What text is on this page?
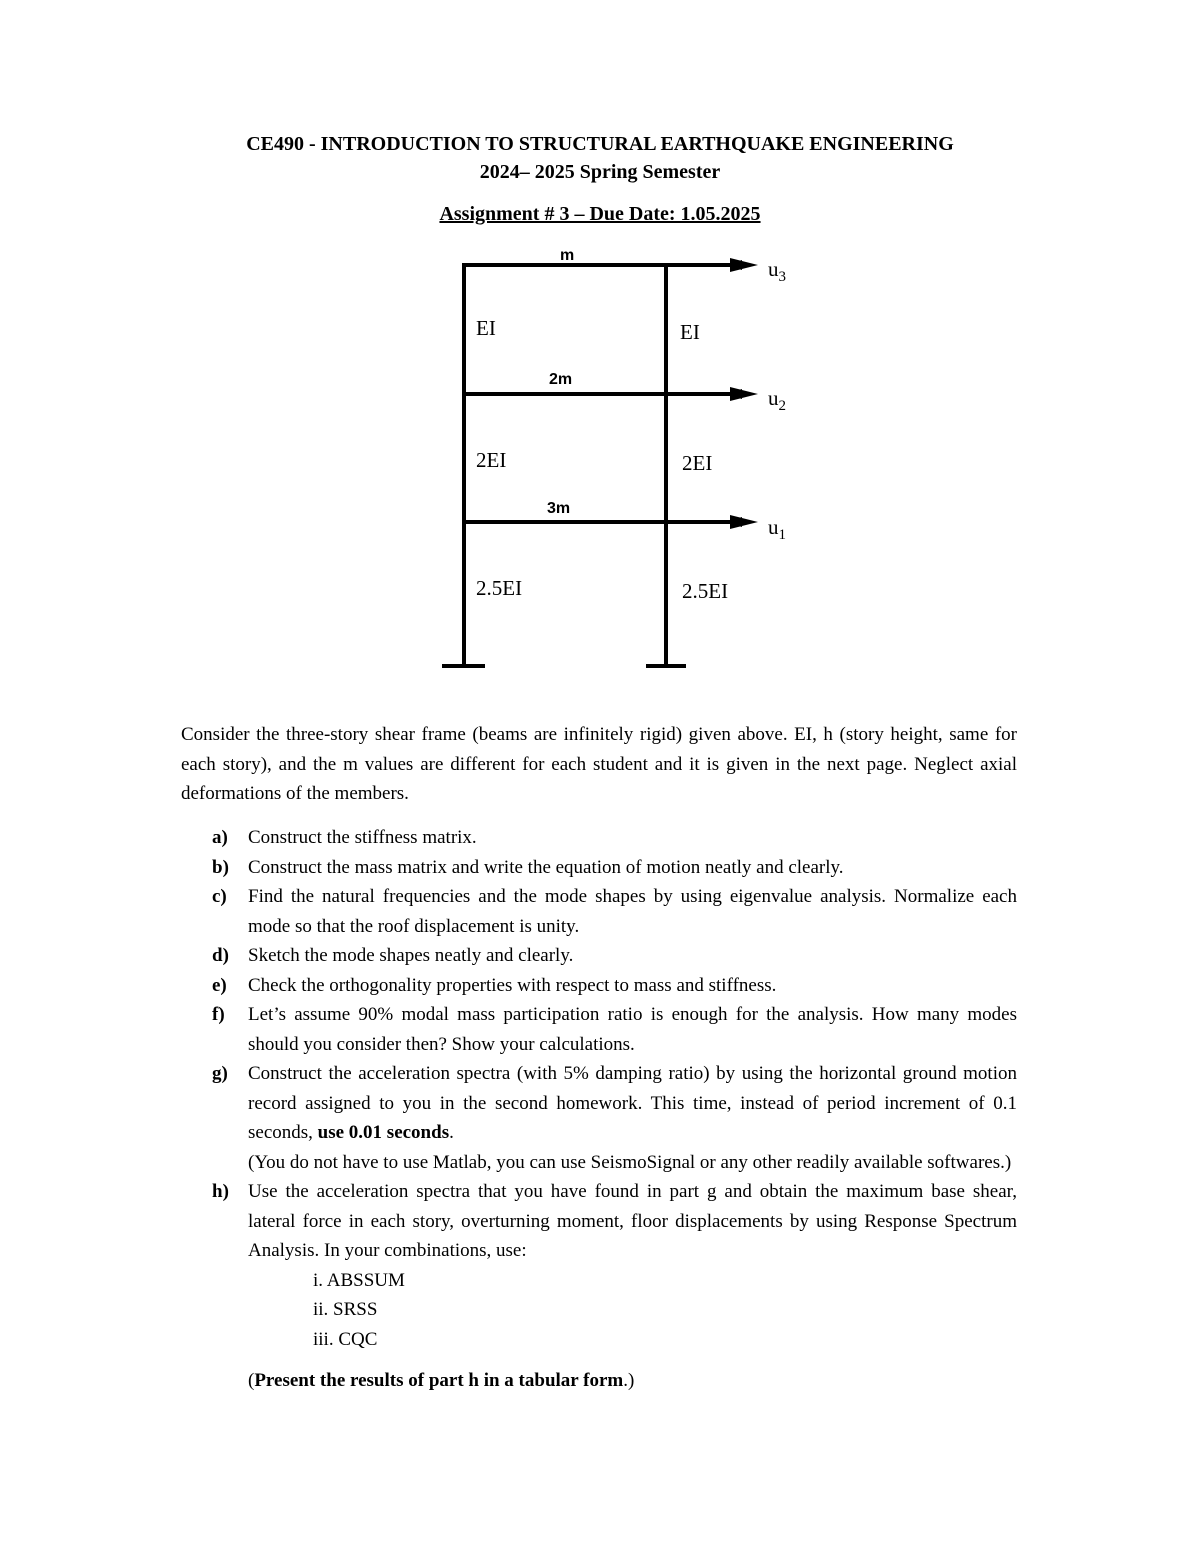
CE490 - INTRODUCTION TO STRUCTURAL EARTHQUAKE ENGINEERING
2024– 2025 Spring Semester
Assignment # 3 – Due Date: 1.05.2025
m
2m
3m
$u_3$
$u_2$
$u_1$
EI	EI
2EI	2EI
2.5EI	2.5EI
Consider the three-story shear frame (beams are infinitely rigid) given above. EI, h (story height, same for each story), and the m values are different for each student and it is given in the next page. Neglect axial deformations of the members.
a)	Construct the stiffness matrix.
b)	Construct the mass matrix and write the equation of motion neatly and clearly.
c)	Find the natural frequencies and the mode shapes by using eigenvalue analysis. Normalize each mode so that the roof displacement is unity.
d)	Sketch the mode shapes neatly and clearly.
e)	Check the orthogonality properties with respect to mass and stiffness.
f)	Let’s assume 90% modal mass participation ratio is enough for the analysis. How many modes should you consider then? Show your calculations.
g)	Construct the acceleration spectra (with 5% damping ratio) by using the horizontal ground motion record assigned to you in the second homework. This time, instead of period increment of 0.1 seconds, use 0.01 seconds.
(You do not have to use Matlab, you can use SeismoSignal or any other readily available softwares.)
h)	Use the acceleration spectra that you have found in part g and obtain the maximum base shear, lateral force in each story, overturning moment, floor displacements by using Response Spectrum Analysis. In your combinations, use:
i. ABSSUM
ii. SRSS
iii. CQC
(Present the results of part h in a tabular form.)
